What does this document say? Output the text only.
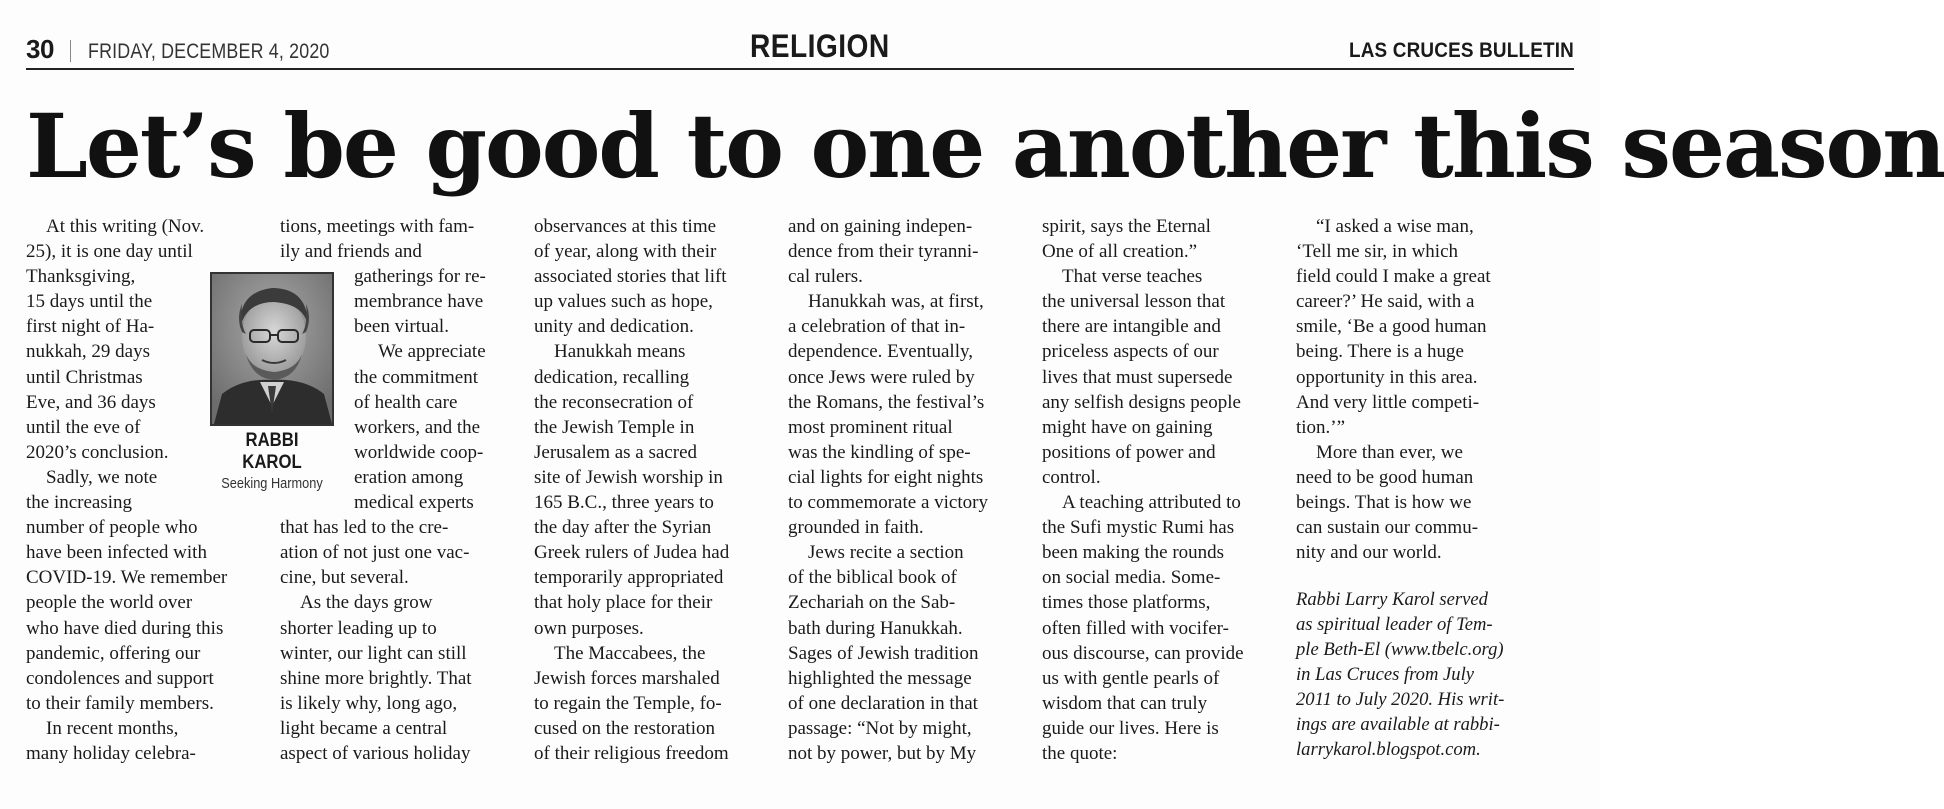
30 FRIDAY, DECEMBER 4, 2020	RELIGION	LAS CRUCES BULLETIN
Let’s be good to one another this season

At this writing (Nov.
25), it is one day until
Thanksgiving,
15 days until the
first night of Ha-
nukkah, 29 days
until Christmas
Eve, and 36 days
until the eve of
2020’s conclusion.

Sadly, we note
the increasing
number of people who
have been infected with
COVID-19. We remember
people the world over
who have died during this
pandemic, offering our
condolences and support
to their family members.

In recent months,
many holiday celebra-

RABBI
KAROL
Seeking Harmony

tions, meetings with fam-
ily and friends and
gatherings for re-
membrance have
been virtual.
We appreciate
the commitment
of health care
workers, and the
worldwide coop-
eration among
medical experts
that has led to the cre-
ation of not just one vac-
cine, but several.
As the days grow
shorter leading up to
winter, our light can still
shine more brightly. That
is likely why, long ago,
light became a central
aspect of various holiday

observances at this time
of year, along with their
associated stories that lift
up values such as hope,
unity and dedication.
Hanukkah means
dedication, recalling
the reconsecration of
the Jewish Temple in
Jerusalem as a sacred
site of Jewish worship in
165 B.C., three years to
the day after the Syrian
Greek rulers of Judea had
temporarily appropriated
that holy place for their
own purposes.
The Maccabees, the
Jewish forces marshaled
to regain the Temple, fo-
cused on the restoration
of their religious freedom

and on gaining indepen-
dence from their tyranni-
cal rulers.
Hanukkah was, at first,
a celebration of that in-
dependence. Eventually,
once Jews were ruled by
the Romans, the festival’s
most prominent ritual
was the kindling of spe-
cial lights for eight nights
to commemorate a victory
grounded in faith.
Jews recite a section
of the biblical book of
Zechariah on the Sab-
bath during Hanukkah.
Sages of Jewish tradition
highlighted the message
of one declaration in that
passage: “Not by might,
not by power, but by My

spirit, says the Eternal
One of all creation.”
That verse teaches
the universal lesson that
there are intangible and
priceless aspects of our
lives that must supersede
any selfish designs people
might have on gaining
positions of power and
control.
A teaching attributed to
the Sufi mystic Rumi has
been making the rounds
on social media. Some-
times those platforms,
often filled with vocifer-
ous discourse, can provide
us with gentle pearls of
wisdom that can truly
guide our lives. Here is
the quote:

“I asked a wise man,
‘Tell me sir, in which
field could I make a great
career?’ He said, with a
smile, ‘Be a good human
being. There is a huge
opportunity in this area.
And very little competi-
tion.’”
More than ever, we
need to be good human
beings. That is how we
can sustain our commu-
nity and our world.

Rabbi Larry Karol served
as spiritual leader of Tem-
ple Beth-El (www.tbelc.org)
in Las Cruces from July
2011 to July 2020. His writ-
ings are available at rabbi-
larrykarol.blogspot.com.
